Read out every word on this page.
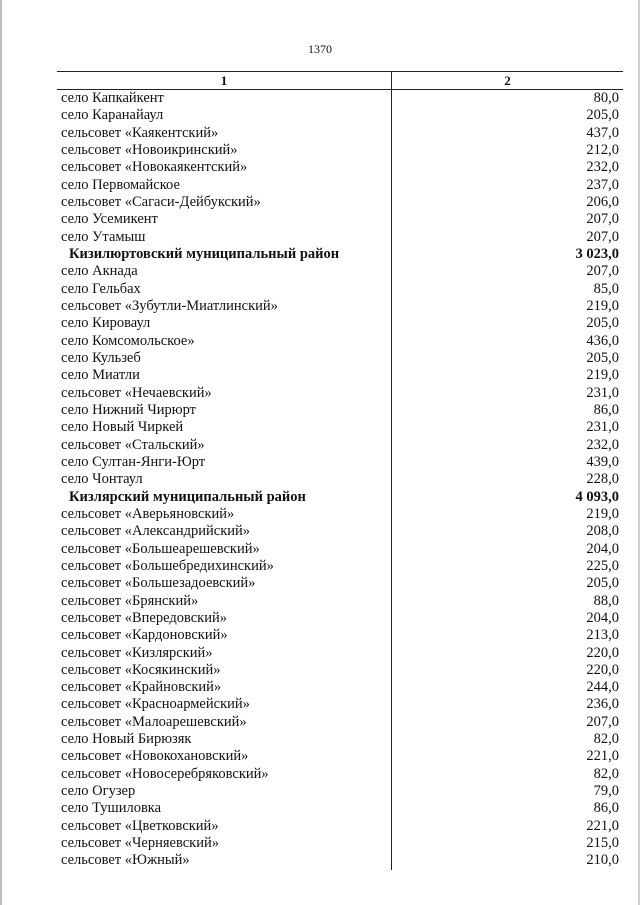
1370
1	2
село Капкайкент	80,0
село Каранайаул	205,0
сельсовет «Каякентский»	437,0
сельсовет «Новоикринский»	212,0
сельсовет «Новокаякентский»	232,0
село Первомайское	237,0
сельсовет «Сагаси-Дейбукский»	206,0
село Усемикент	207,0
село Утамыш	207,0
Кизилюртовский муниципальный район	3 023,0
село Акнада	207,0
село Гельбах	85,0
сельсовет «Зубутли-Миатлинский»	219,0
село Кироваул	205,0
село Комсомольское»	436,0
село Кульзеб	205,0
село Миатли	219,0
сельсовет «Нечаевский»	231,0
село Нижний Чирюрт	86,0
село Новый Чиркей	231,0
сельсовет «Стальский»	232,0
село Султан-Янги-Юрт	439,0
село Чонтаул	228,0
Кизлярский муниципальный район	4 093,0
сельсовет «Аверьяновский»	219,0
сельсовет «Александрийский»	208,0
сельсовет «Большеарешевский»	204,0
сельсовет «Большебредихинский»	225,0
сельсовет «Большезадоевский»	205,0
сельсовет «Брянский»	88,0
сельсовет «Впередовский»	204,0
сельсовет «Кардоновский»	213,0
сельсовет «Кизлярский»	220,0
сельсовет «Косякинский»	220,0
сельсовет «Крайновский»	244,0
сельсовет «Красноармейский»	236,0
сельсовет «Малоарешевский»	207,0
село Новый Бирюзяк	82,0
сельсовет «Новокохановский»	221,0
сельсовет «Новосеребряковский»	82,0
село Огузер	79,0
село Тушиловка	86,0
сельсовет «Цветковский»	221,0
сельсовет «Черняевский»	215,0
сельсовет «Южный»	210,0
